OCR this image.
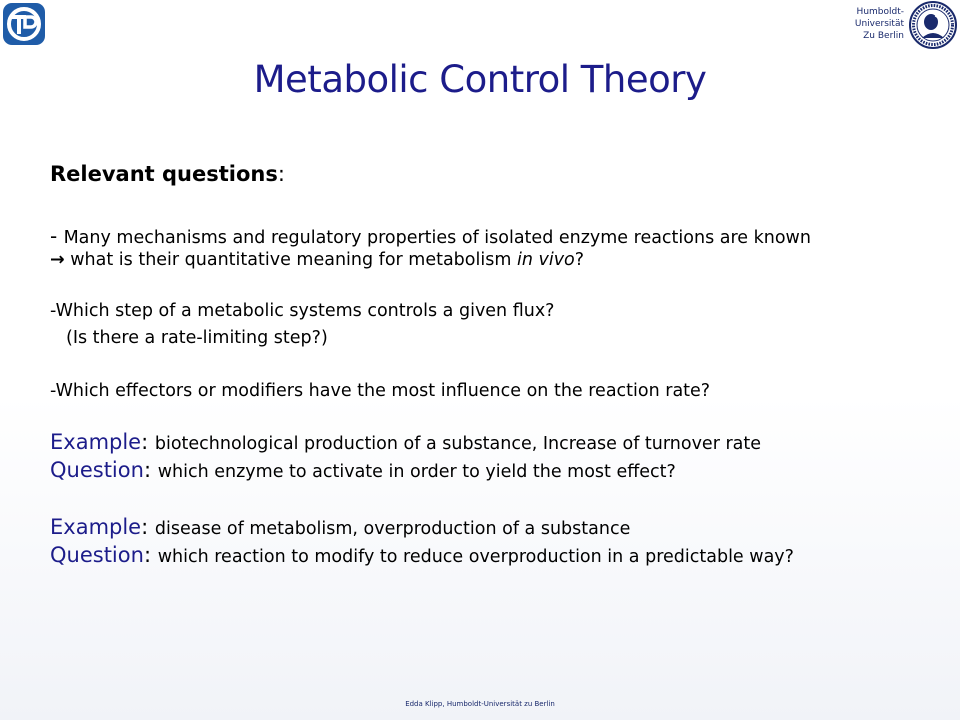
Humboldt-
Universität
Zu Berlin
Metabolic Control Theory
Relevant questions:
- Many mechanisms and regulatory properties of isolated enzyme reactions are known
→ what is their quantitative meaning for metabolism in vivo?
-Which step of a metabolic systems controls a given flux?
(Is there a rate-limiting step?)
-Which effectors or modifiers have the most influence on the reaction rate?
Example: biotechnological production of a substance, Increase of turnover rate
Question: which enzyme to activate in order to yield the most effect?
Example: disease of metabolism, overproduction of a substance
Question: which reaction to modify to reduce overproduction in a predictable way?
Edda Klipp, Humboldt-Universität zu Berlin
